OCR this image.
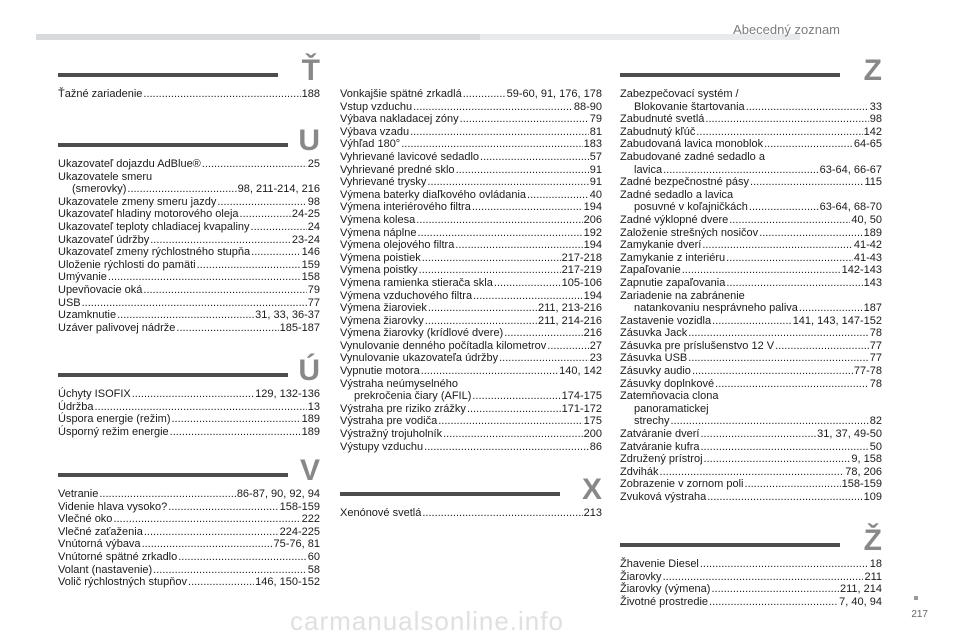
Abecedný zoznam
Ť
Ťažné zariadenie .....	188
U
Ukazovateľ dojazdu AdBlue® .....	25
Ukazovatele smeru
(smerovky) .....	98, 211-214, 216
Ukazovatele zmeny smeru jazdy .....	98
Ukazovateľ hladiny motorového oleja .....	24-25
Ukazovateľ teploty chladiacej kvapaliny .....	24
Ukazovateľ údržby .....	23-24
Ukazovateľ zmeny rýchlostného stupňa .....	146
Uloženie rýchlosti do pamäti .....	159
Umývanie .....	158
Upevňovacie oká .....	79
USB .....	77
Uzamknutie .....	31, 33, 36-37
Uzáver palivovej nádrže .....	185-187
Ú
Úchyty ISOFIX .....	129, 132-136
Údržba .....	13
Úspora energie (režim) .....	189
Úsporný režim energie .....	189
V
Vetranie .....	86-87, 90, 92, 94
Videnie hlava vysoko? .....	158-159
Vlečné oko .....	222
Vlečné zaťaženia .....	224-225
Vnútorná výbava .....	75-76, 81
Vnútorné spätné zrkadlo .....	60
Volant (nastavenie) .....	58
Volič rýchlostných stupňov .....	146, 150-152
Vonkajšie spätné zrkadlá .....	59-60, 91, 176, 178
Vstup vzduchu .....	88-90
Výbava nakladacej zóny .....	79
Výbava vzadu .....	81
Výhľad 180° .....	183
Vyhrievané lavicové sedadlo .....	57
Vyhrievané predné sklo .....	91
Vyhrievané trysky .....	91
Výmena baterky diaľkového ovládania .....	40
Výmena interiérového filtra .....	194
Výmena kolesa .....	206
Výmena náplne .....	192
Výmena olejového filtra .....	194
Výmena poistiek .....	217-218
Výmena poistky .....	217-219
Výmena ramienka stierača skla .....	105-106
Výmena vzduchového filtra .....	194
Výmena žiaroviek .....	211, 213-216
Výmena žiarovky .....	211, 214-216
Výmena žiarovky (krídlové dvere) .....	216
Vynulovanie denného počítadla kilometrov .....	27
Vynulovanie ukazovateľa údržby .....	23
Vypnutie motora .....	140, 142
Výstraha neúmyselného
prekročenia čiary (AFIL) .....	174-175
Výstraha pre riziko zrážky .....	171-172
Výstraha pre vodiča .....	175
Výstražný trojuholník .....	200
Výstupy vzduchu .....	86
X
Xenónové svetlá .....	213
Z
Zabezpečovací systém /
Blokovanie štartovania .....	33
Zabudnuté svetlá .....	98
Zabudnutý kľúč .....	142
Zabudovaná lavica monoblok .....	64-65
Zabudované zadné sedadlo a
lavica .....	63-64, 66-67
Zadné bezpečnostné pásy .....	115
Zadné sedadlo a lavica
posuvné v koľajničkách .....	63-64, 68-70
Zadné výklopné dvere .....	40, 50
Založenie strešných nosičov .....	189
Zamykanie dverí .....	41-42
Zamykanie z interiéru .....	41-43
Zapaľovanie .....	142-143
Zapnutie zapaľovania .....	143
Zariadenie na zabránenie
natankovaniu nesprávneho paliva .....	187
Zastavenie vozidla .....	141, 143, 147-152
Zásuvka Jack .....	78
Zásuvka pre príslušenstvo 12 V .....	77
Zásuvka USB .....	77
Zásuvky audio .....	77-78
Zásuvky doplnkové .....	78
Zatemňovacia clona
panoramatickej
strechy .....	82
Zatváranie dverí .....	31, 37, 49-50
Zatváranie kufra .....	50
Združený prístroj .....	9, 158
Zdvihák .....	78, 206
Zobrazenie v zornom poli .....	158-159
Zvuková výstraha .....	109
Ž
Žhavenie Diesel .....	18
Žiarovky .....	211
Žiarovky (výmena) .....	211, 214
Životné prostredie .....	7, 40, 94
carmanualsonline.info	217
